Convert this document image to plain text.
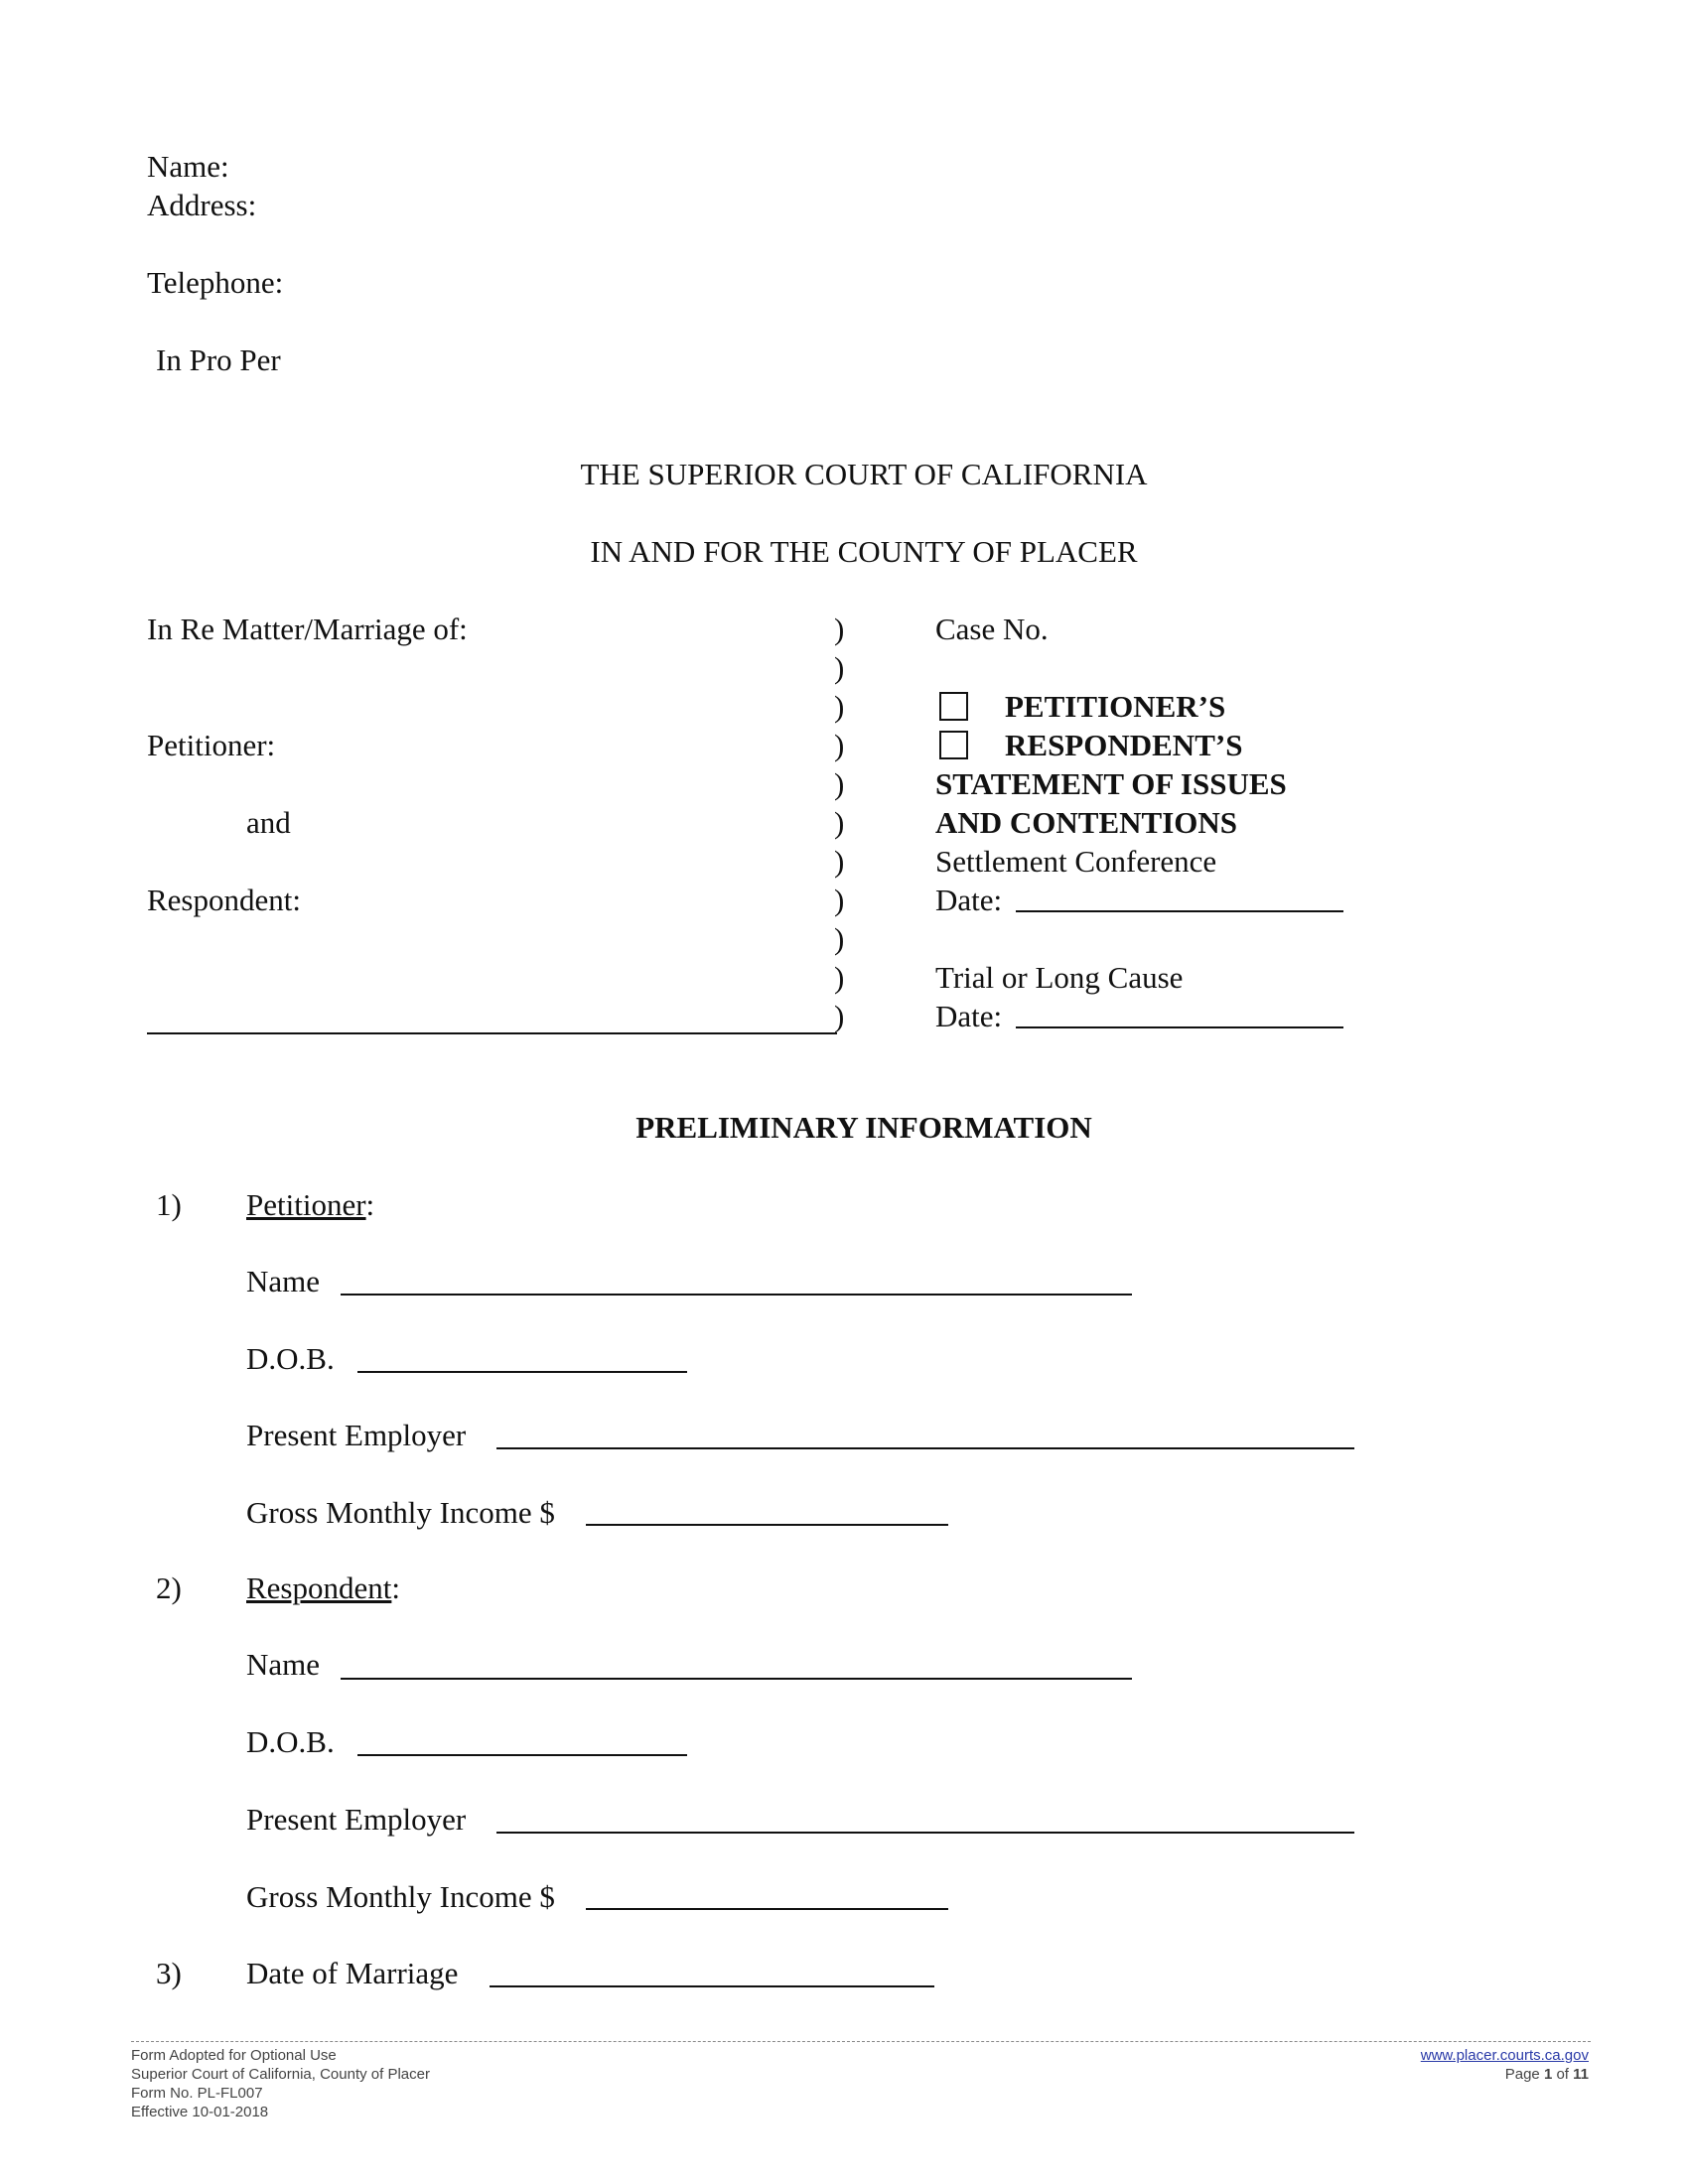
Name:
Address:
Telephone:
In Pro Per
THE SUPERIOR COURT OF CALIFORNIA
IN AND FOR THE COUNTY OF PLACER
In Re Matter/Marriage of:
Petitioner:
and
Respondent:
)
)
)
)
)
)
)
)
)
)
)
Case No.
PETITIONER’S
RESPONDENT’S
STATEMENT OF ISSUES
AND CONTENTIONS
Settlement Conference
Date:
Trial or Long Cause
Date:
PRELIMINARY INFORMATION
1) Petitioner:
Name
D.O.B.
Present Employer
Gross Monthly Income $
2) Respondent:
Name
D.O.B.
Present Employer
Gross Monthly Income $
3) Date of Marriage
Form Adopted for Optional Use
Superior Court of California, County of Placer
Form No. PL-FL007
Effective 10-01-2018
www.placer.courts.ca.gov
Page 1 of 11
